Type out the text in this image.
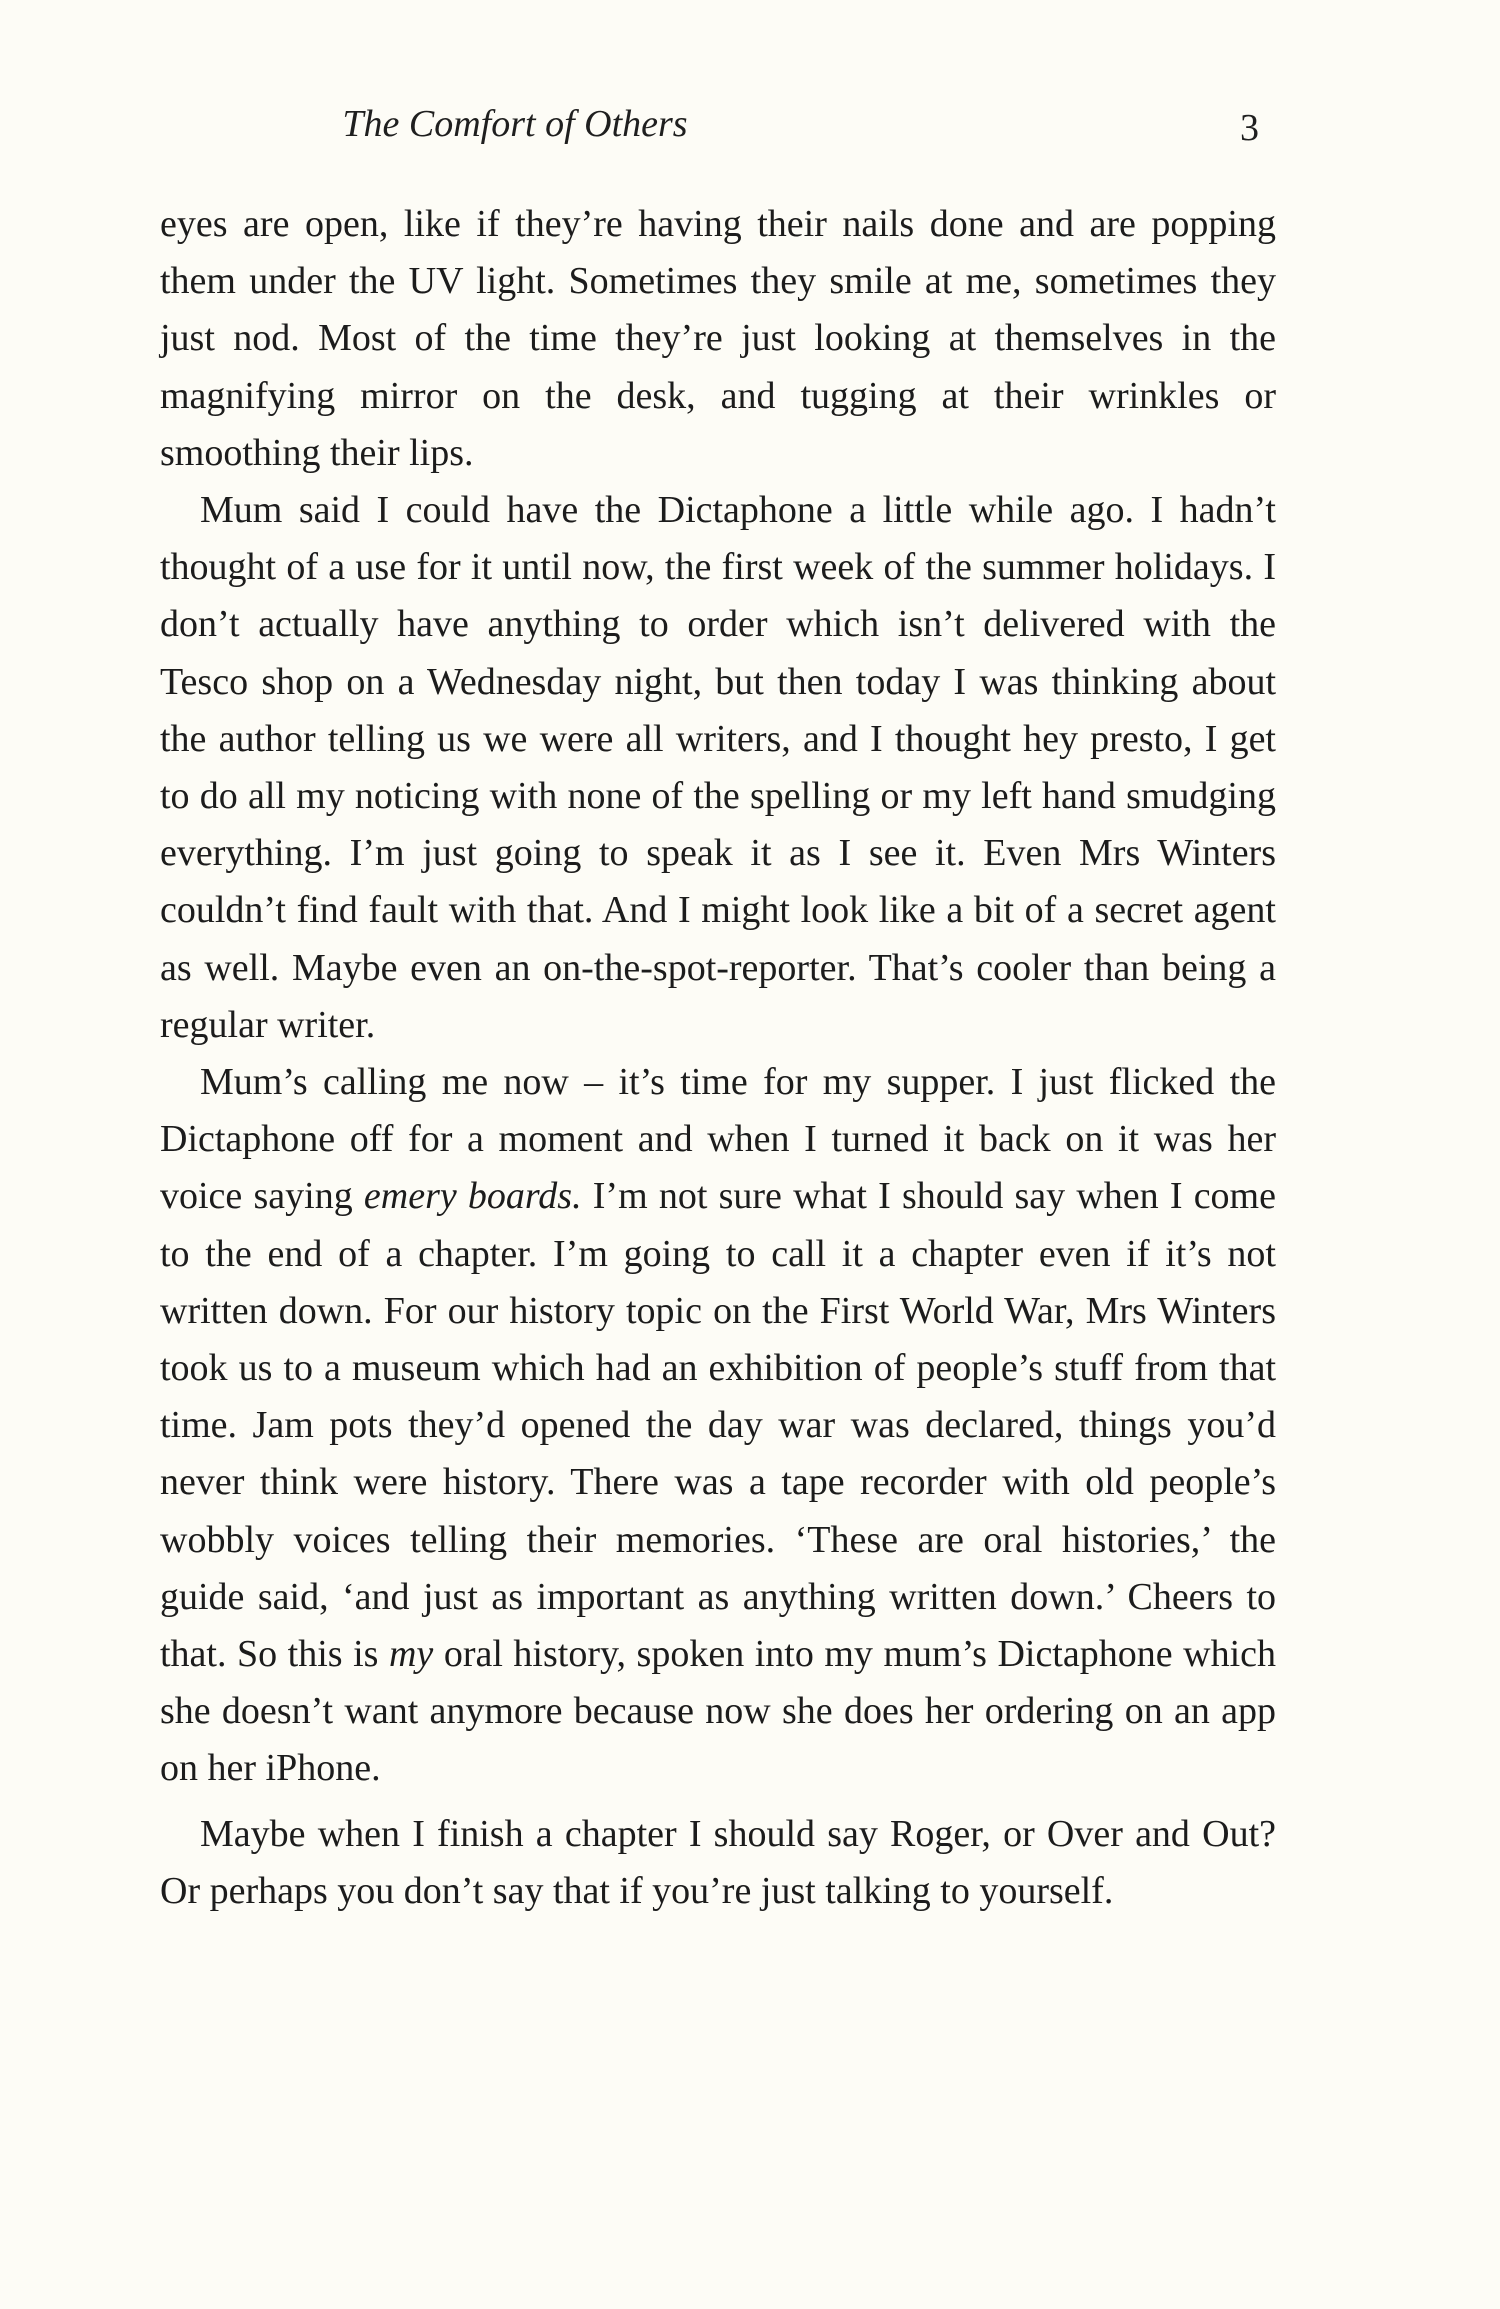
The Comfort of Others	3

eyes are open, like if they’re having their nails done and are popping them under the UV light. Sometimes they smile at me, sometimes they just nod. Most of the time they’re just looking at themselves in the magnifying mirror on the desk, and tugging at their wrinkles or smoothing their lips.

Mum said I could have the Dictaphone a little while ago. I hadn’t thought of a use for it until now, the first week of the summer holidays. I don’t actually have anything to order which isn’t delivered with the Tesco shop on a Wednesday night, but then today I was thinking about the author telling us we were all writers, and I thought hey presto, I get to do all my noticing with none of the spelling or my left hand smudging everything. I’m just going to speak it as I see it. Even Mrs Winters couldn’t find fault with that. And I might look like a bit of a secret agent as well. Maybe even an on-the-spot-reporter. That’s cooler than being a regular writer.

Mum’s calling me now – it’s time for my supper. I just flicked the Dictaphone off for a moment and when I turned it back on it was her voice saying emery boards. I’m not sure what I should say when I come to the end of a chapter. I’m going to call it a chapter even if it’s not written down. For our history topic on the First World War, Mrs Winters took us to a museum which had an exhibition of people’s stuff from that time. Jam pots they’d opened the day war was declared, things you’d never think were history. There was a tape recorder with old people’s wobbly voices telling their memories. ‘These are oral histories,’ the guide said, ‘and just as important as anything written down.’ Cheers to that. So this is my oral history, spoken into my mum’s Dictaphone which she doesn’t want anymore because now she does her ordering on an app on her iPhone.

Maybe when I finish a chapter I should say Roger, or Over and Out? Or perhaps you don’t say that if you’re just talking to yourself.
